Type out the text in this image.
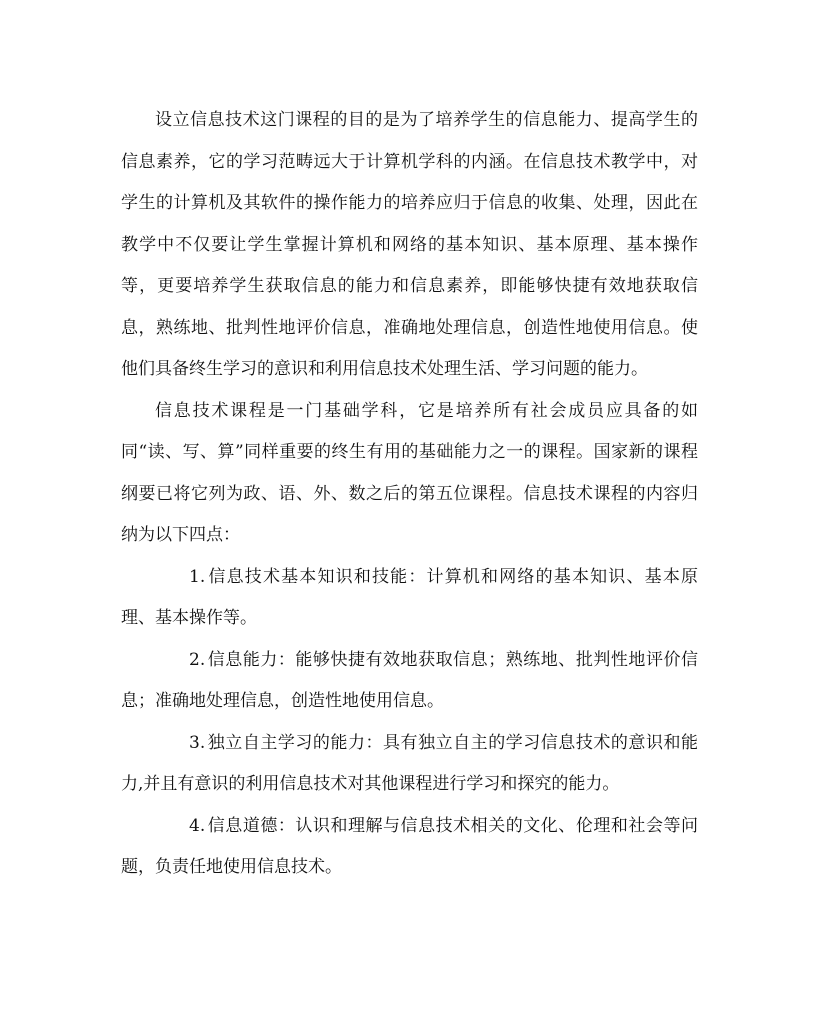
设立信息技术这门课程的目的是为了培养学生的信息能力、提高学生的信息素养，它的学习范畴远大于计算机学科的内涵。在信息技术教学中，对学生的计算机及其软件的操作能力的培养应归于信息的收集、处理，因此在教学中不仅要让学生掌握计算机和网络的基本知识、基本原理、基本操作等，更要培养学生获取信息的能力和信息素养，即能够快捷有效地获取信息，熟练地、批判性地评价信息，准确地处理信息，创造性地使用信息。使他们具备终生学习的意识和利用信息技术处理生活、学习问题的能力。

信息技术课程是一门基础学科，它是培养所有社会成员应具备的如同“读、写、算”同样重要的终生有用的基础能力之一的课程。国家新的课程纲要已将它列为政、语、外、数之后的第五位课程。信息技术课程的内容归纳为以下四点：

1. 信息技术基本知识和技能：计算机和网络的基本知识、基本原理、基本操作等。

2. 信息能力：能够快捷有效地获取信息；熟练地、批判性地评价信息；准确地处理信息，创造性地使用信息。

3. 独立自主学习的能力：具有独立自主的学习信息技术的意识和能力,并且有意识的利用信息技术对其他课程进行学习和探究的能力。

4. 信息道德：认识和理解与信息技术相关的文化、伦理和社会等问题，负责任地使用信息技术。
